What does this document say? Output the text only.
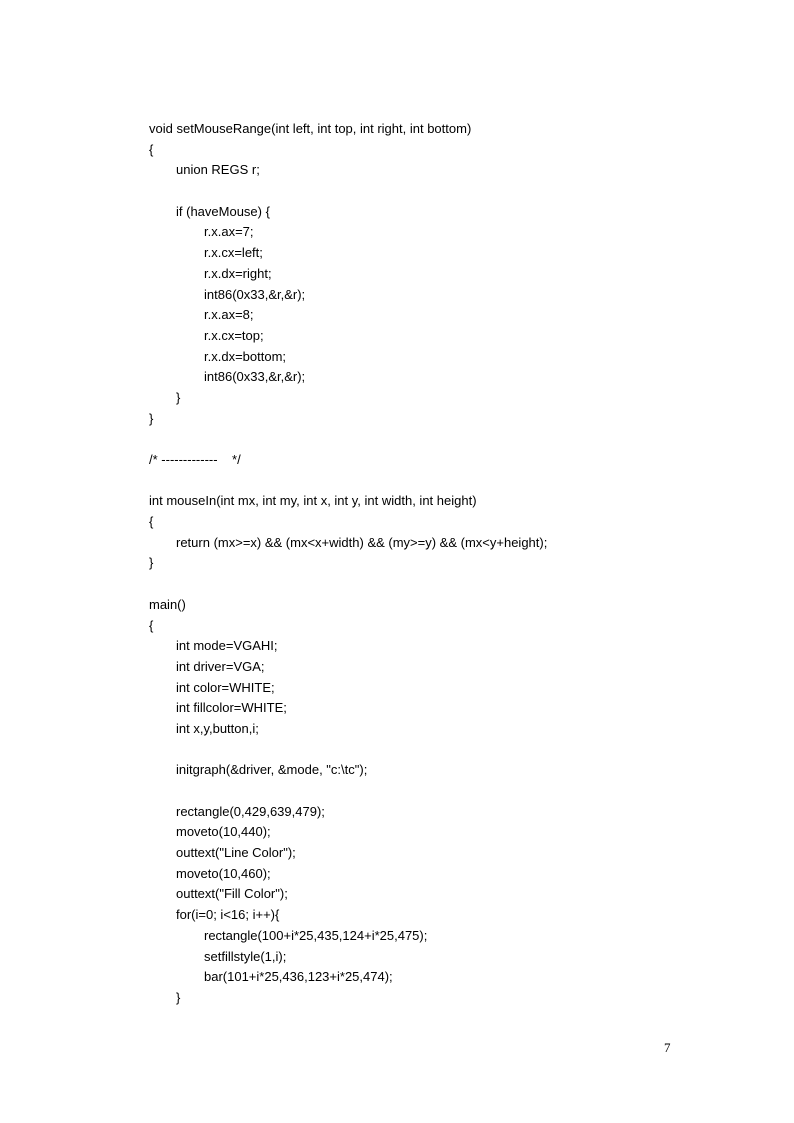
void setMouseRange(int left, int top, int right, int bottom)
{
union REGS r;
if (haveMouse) {
r.x.ax=7;
r.x.cx=left;
r.x.dx=right;
int86(0x33,&r,&r);
r.x.ax=8;
r.x.cx=top;
r.x.dx=bottom;
int86(0x33,&r,&r);
}
}
/* -------------    */
int mouseIn(int mx, int my, int x, int y, int width, int height)
{
return (mx>=x) && (mx<x+width) && (my>=y) && (mx<y+height);
}
main()
{
int mode=VGAHI;
int driver=VGA;
int color=WHITE;
int fillcolor=WHITE;
int x,y,button,i;
initgraph(&driver, &mode, "c:\tc");
rectangle(0,429,639,479);
moveto(10,440);
outtext("Line Color");
moveto(10,460);
outtext("Fill Color");
for(i=0; i<16; i++){
rectangle(100+i*25,435,124+i*25,475);
setfillstyle(1,i);
bar(101+i*25,436,123+i*25,474);
}
7
